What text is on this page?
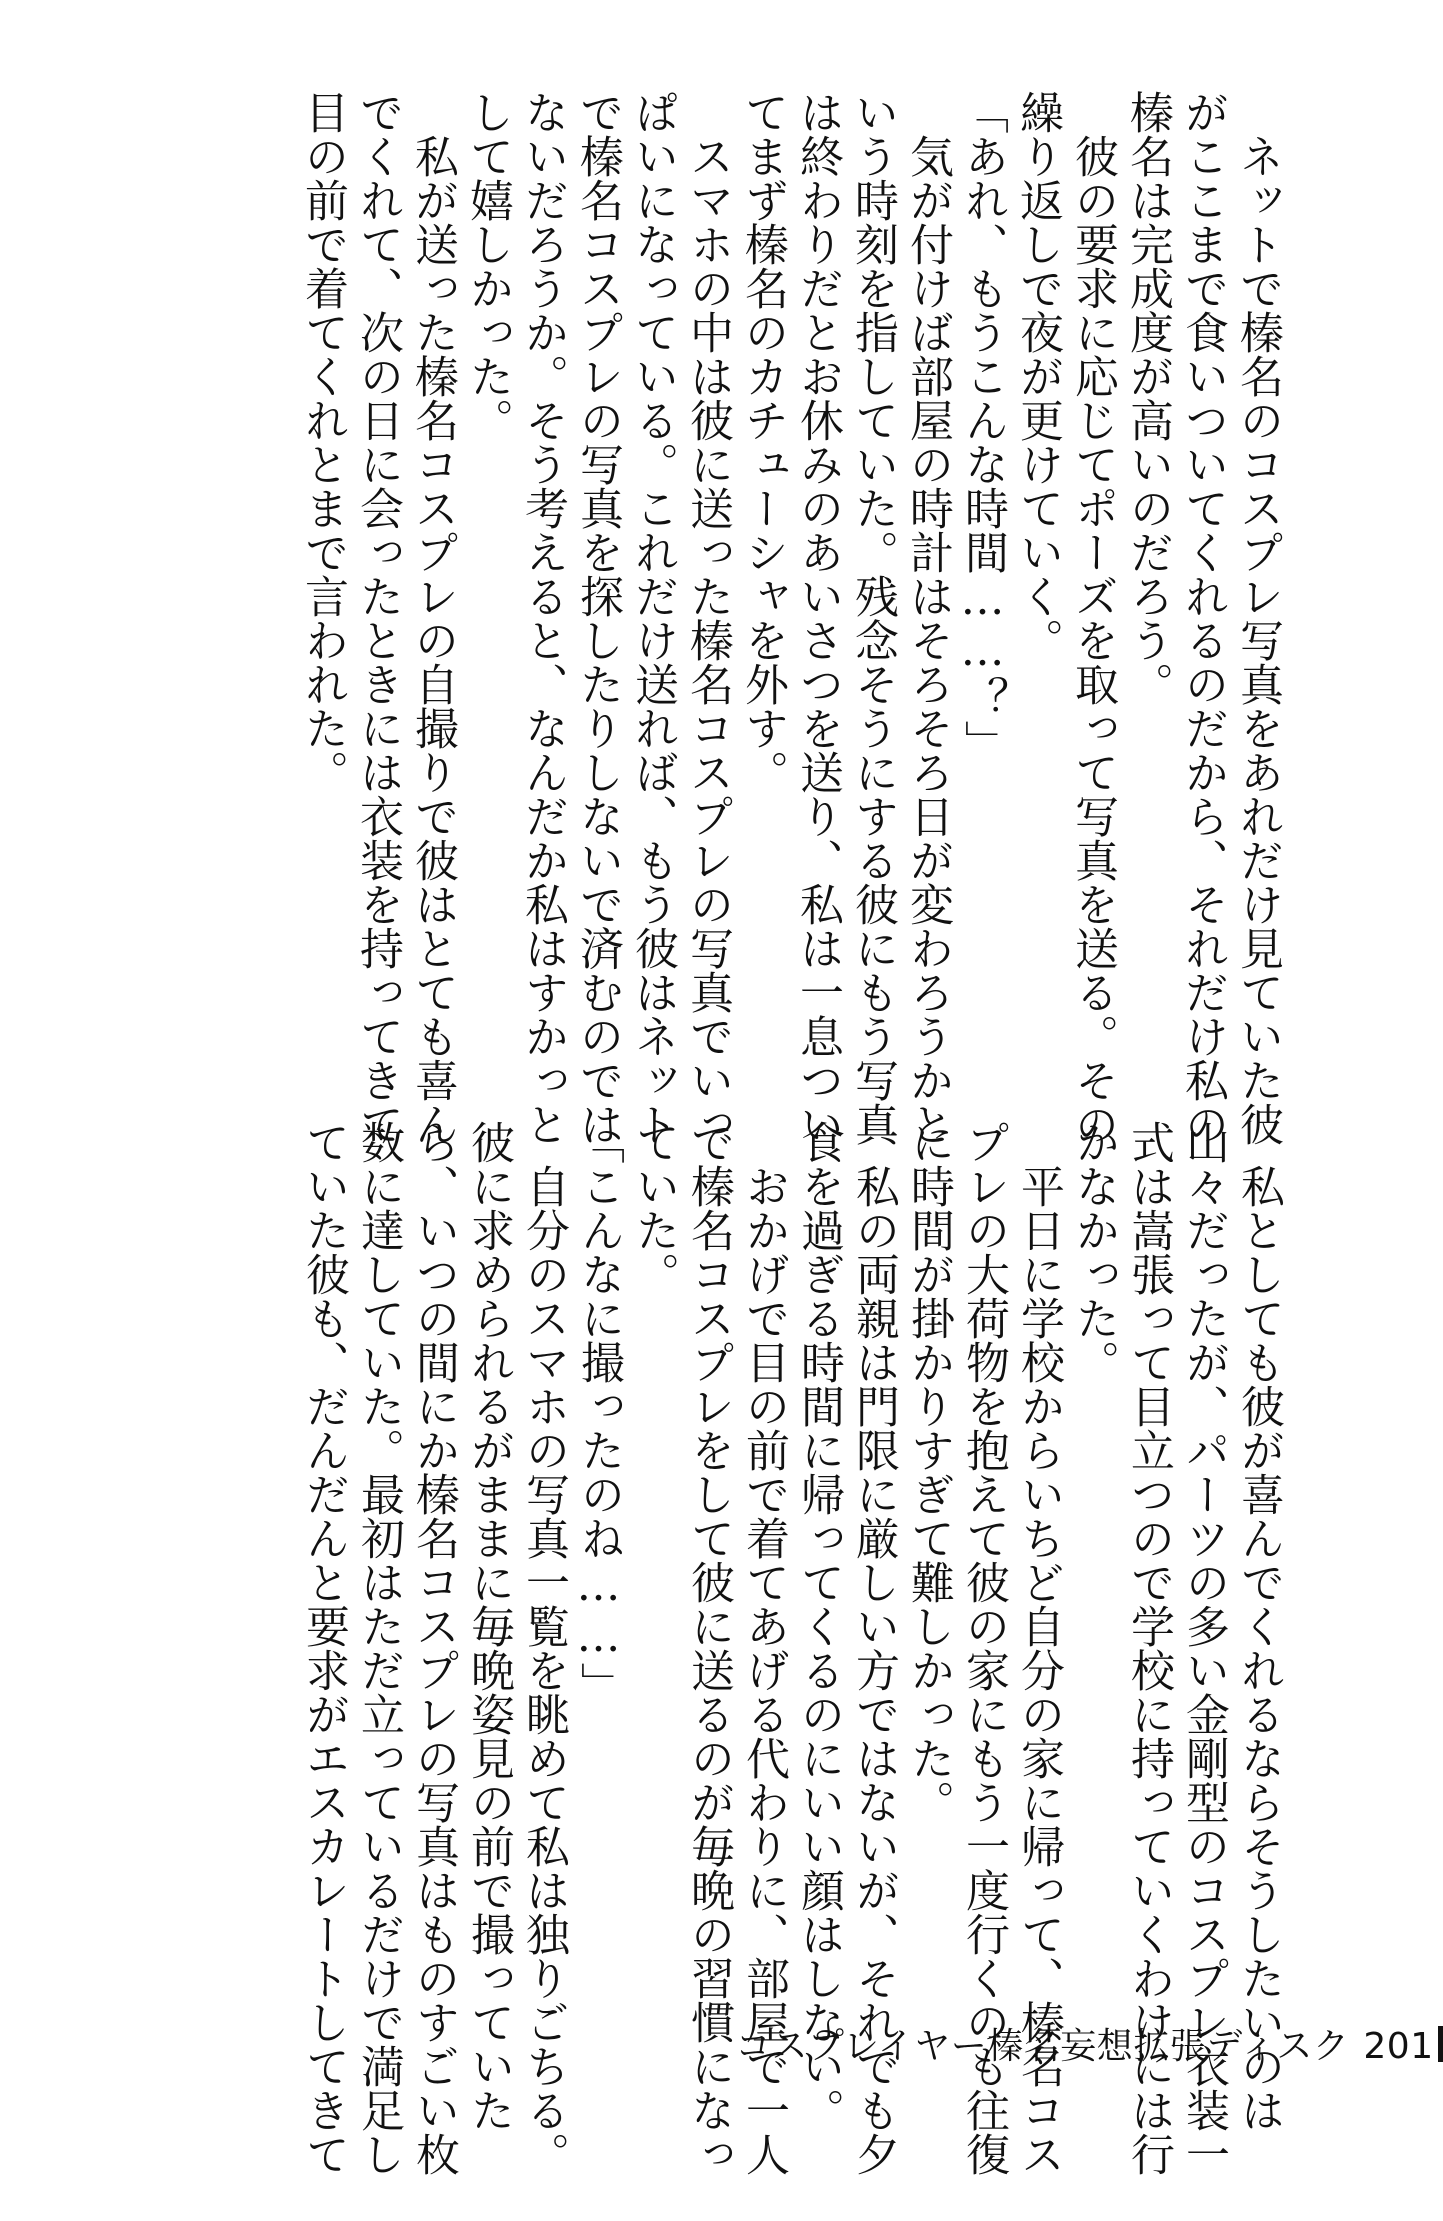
　ネットで榛名のコスプレ写真をあれだけ見ていた彼
がここまで食いついてくれるのだから、それだけ私の
榛名は完成度が高いのだろう。
　彼の要求に応じてポーズを取って写真を送る。その
繰り返しで夜が更けていく。
「あれ、もうこんな時間……？」
　気が付けば部屋の時計はそろそろ日が変わろうかと
いう時刻を指していた。残念そうにする彼にもう写真
は終わりだとお休みのあいさつを送り、私は一息つい
てまず榛名のカチューシャを外す。
　スマホの中は彼に送った榛名コスプレの写真でいっ
ぱいになっている。これだけ送れば、もう彼はネット
で榛名コスプレの写真を探したりしないで済むのでは
ないだろうか。そう考えると、なんだか私はすかっと
して嬉しかった。
　私が送った榛名コスプレの自撮りで彼はとても喜ん
でくれて、次の日に会ったときには衣装を持ってきて
目の前で着てくれとまで言われた。
　私としても彼が喜んでくれるならそうしたいのは
山々だったが、パーツの多い金剛型のコスプレ衣装一
式は嵩張って目立つので学校に持っていくわけには行
かなかった。
　平日に学校からいちど自分の家に帰って、榛名コス
プレの大荷物を抱えて彼の家にもう一度行くのも往復
に時間が掛かりすぎて難しかった。
　私の両親は門限に厳しい方ではないが、それでも夕
食を過ぎる時間に帰ってくるのにいい顔はしない。
　おかげで目の前で着てあげる代わりに、部屋で一人
で榛名コスプレをして彼に送るのが毎晩の習慣になっ
ていた。
「こんなに撮ったのね……」
　自分のスマホの写真一覧を眺めて私は独りごちる。
彼に求められるがままに毎晩姿見の前で撮っていた
ら、いつの間にか榛名コスプレの写真はものすごい枚
数に達していた。最初はただ立っているだけで満足し
ていた彼も、だんだんと要求がエスカレートしてきて	コスプレイヤー榛名妄想拡張ディスク 201
